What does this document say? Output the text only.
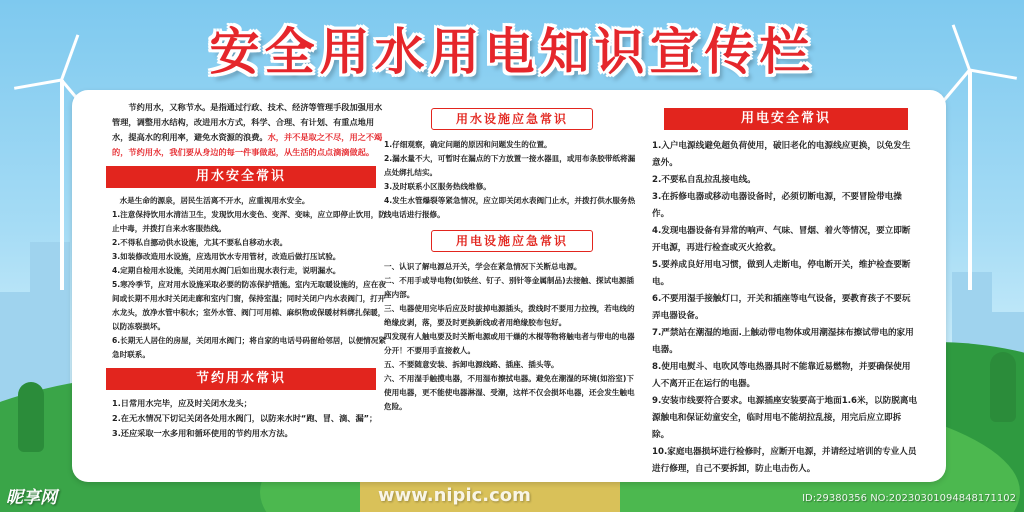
安全用水用电知识宣传栏

节约用水，又称节水。是指通过行政、技术、经济等管理手段加强用水管理，调整用水结构，改进用水方式，科学、合理、有计划、有重点地用水，提高水的利用率，避免水资源的浪费。水，并不是取之不尽，用之不竭的，节约用水，我们要从身边的每一件事做起，从生活的点点滴滴做起。

用水安全常识

水是生命的源泉，居民生活离不开水，应重视用水安全。

1.注意保持饮用水清洁卫生，发现饮用水变色、变浑、变味，应立即停止饮用，防止中毒，并拨打自来水客服热线。

2.不得私自挪动供水设施，尤其不要私自移动水表。

3.如装修改造用水设施，应选用饮水专用管材，改造后做打压试验。

4.定期自检用水设施，关闭用水阀门后如出现水表行走，说明漏水。

5.寒冷季节，应对用水设施采取必要的防冻保护措施。室内无取暖设施的，应在夜间或长期不用水时关闭走廊和室内门窗，保持室温；同时关闭户内水表阀门，打开水龙头，放净水管中积水；室外水管、阀门可用棉、麻织物或保暖材料绑扎保暖，以防冻裂损坏。

6.长期无人居住的房屋，关闭用水阀门；将自家的电话号码留给邻居，以便情况紧急时联系。

节约用水常识

1.日常用水完毕，应及时关闭水龙头；

2.在无水情况下切记关闭各处用水阀门，以防来水时“跑、冒、滴、漏”；

3.还应采取一水多用和循环使用的节约用水方法。

用水设施应急常识

1.仔细观察，确定问题的原因和问题发生的位置。

2.漏水量不大，可暂时在漏点的下方放置一接水器皿，或用布条胶带纸将漏点处绑扎结实。

3.及时联系小区服务热线维修。

4.发生水管爆裂等紧急情况，应立即关闭水表阀门止水，并拨打供水服务热线电话进行报修。

用电设施应急常识

一、认识了解电源总开关，学会在紧急情况下关断总电源。

二、不用手或导电物(如铁丝、钉子、别针等金属制品)去接触、探试电源插座内部。

三、电器使用完毕后应及时拔掉电源插头，拨线时不要用力拉拽，若电线的绝缘皮剥，落，要及时更换新线或者用绝缘胶布包好。

四发现有人触电要及时关断电源或用干燥的木棍等物将触电者与带电的电器分开！不要用手直接救人。

五、不要随意安装、拆卸电源线路、插座、插头等。

六、不用湿手触摸电器，不用湿布擦拭电器。避免在潮湿的环境(如浴室)下使用电器，更不能使电器淋湿、受潮，这样不仅会损坏电器，还会发生触电危险。

用电安全常识

1.入户电源线避免超负荷使用，破旧老化的电源线应更换，以免发生意外。

2.不要私自乱拉乱接电线。

3.在拆修电器或移动电器设备时，必须切断电源，不要冒险带电操作。

4.发现电器设备有异常的响声、气味、冒烟、着火等情况，要立即断开电源，再进行检查或灭火抢救。

5.要养成良好用电习惯，做到人走断电，停电断开关，维护检查要断电。

6.不要用湿手接触灯口，开关和插座等电气设备，要教育孩子不要玩弄电器设备。

7.严禁站在潮湿的地面.上触动带电物体或用潮湿抹布擦试带电的家用电器。

8.使用电熨斗、电吹风等电热器具时不能靠近易燃物，并要确保使用人不离开正在运行的电器。

9.安装市线要符合要求。电源插座安装要高于地面1.6米，以防脱离电源触电和保证幼童安全，临时用电不能胡拉乱接，用完后应立即拆除。

10.家庭电器损坏进行检修时，应断开电源，并请经过培训的专业人员进行修理，自己不要拆卸，防止电击伤人。

昵享网	www.nipic.com	ID:29380356 NO:20230301094848171102
